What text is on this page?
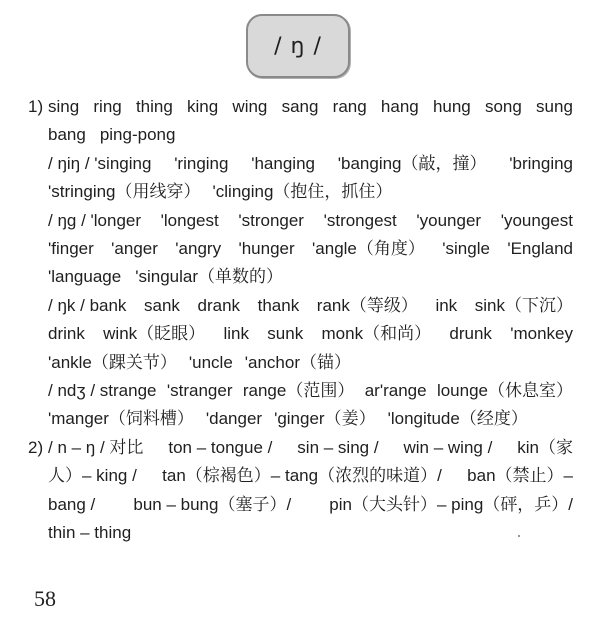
/ ŋ /
1) sing ring thing king wing sang rang hang hung song sung
bang ping-pong
/ ŋiŋ / 'singing 'ringing 'hanging 'banging（敲，撞） 'bringing
'stringing（用线穿） 'clinging（抱住，抓住）
/ ŋg / 'longer 'longest 'stronger 'strongest 'younger 'youngest
'finger 'anger 'angry 'hunger 'angle（角度） 'single 'England
'language 'singular（单数的）
/ ŋk / bank sank drank thank rank（等级） ink sink（下沉）
drink wink（眨眼） link sunk monk（和尚） drunk 'monkey
'ankle（踝关节） 'uncle 'anchor（锚）
/ ndʒ / strange 'stranger range（范围） ar'range lounge（休息室）
'manger（饲料槽） 'danger 'ginger（姜） 'longitude（经度）
2) / n – ŋ / 对比 ton – tongue / sin – sing / win – wing / kin（家
人）– king / tan（棕褐色）– tang（浓烈的味道）/ ban（禁止）–
bang / bun – bung（塞子）/ pin（大头针）– ping（砰，乒）/
thin – thing
58
